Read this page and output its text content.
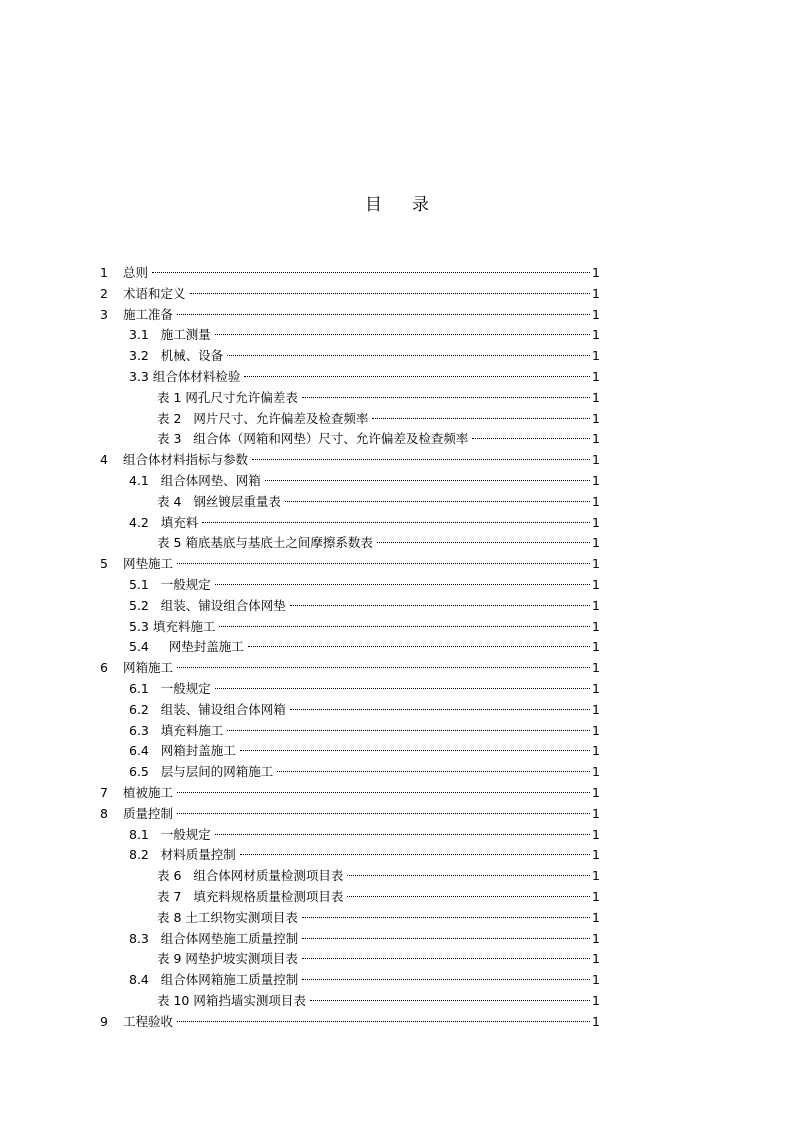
目 录
1	总则	1
2	术语和定义	1
3	施工准备	1
3.1   施工测量	1
3.2   机械、设备	1
3.3 组合体材料检验	1
表 1 网孔尺寸允许偏差表	1
表 2   网片尺寸、允许偏差及检查频率	1
表 3   组合体（网箱和网垫）尺寸、允许偏差及检查频率	1
4	组合体材料指标与参数	1
4.1   组合体网垫、网箱	1
表 4   钢丝镀层重量表	1
4.2   填充料	1
表 5 箱底基底与基底土之间摩擦系数表	1
5	网垫施工	1
5.1   一般规定	1
5.2   组装、铺设组合体网垫	1
5.3 填充料施工	1
5.4     网垫封盖施工	1
6	网箱施工	1
6.1   一般规定	1
6.2   组装、铺设组合体网箱	1
6.3   填充料施工	1
6.4   网箱封盖施工	1
6.5   层与层间的网箱施工	1
7	植被施工	1
8	质量控制	1
8.1   一般规定	1
8.2   材料质量控制	1
表 6   组合体网材质量检测项目表	1
表 7   填充料规格质量检测项目表	1
表 8 土工织物实测项目表	1
8.3   组合体网垫施工质量控制	1
表 9 网垫护坡实测项目表	1
8.4   组合体网箱施工质量控制	1
表 10 网箱挡墙实测项目表	1
9	工程验收	1
